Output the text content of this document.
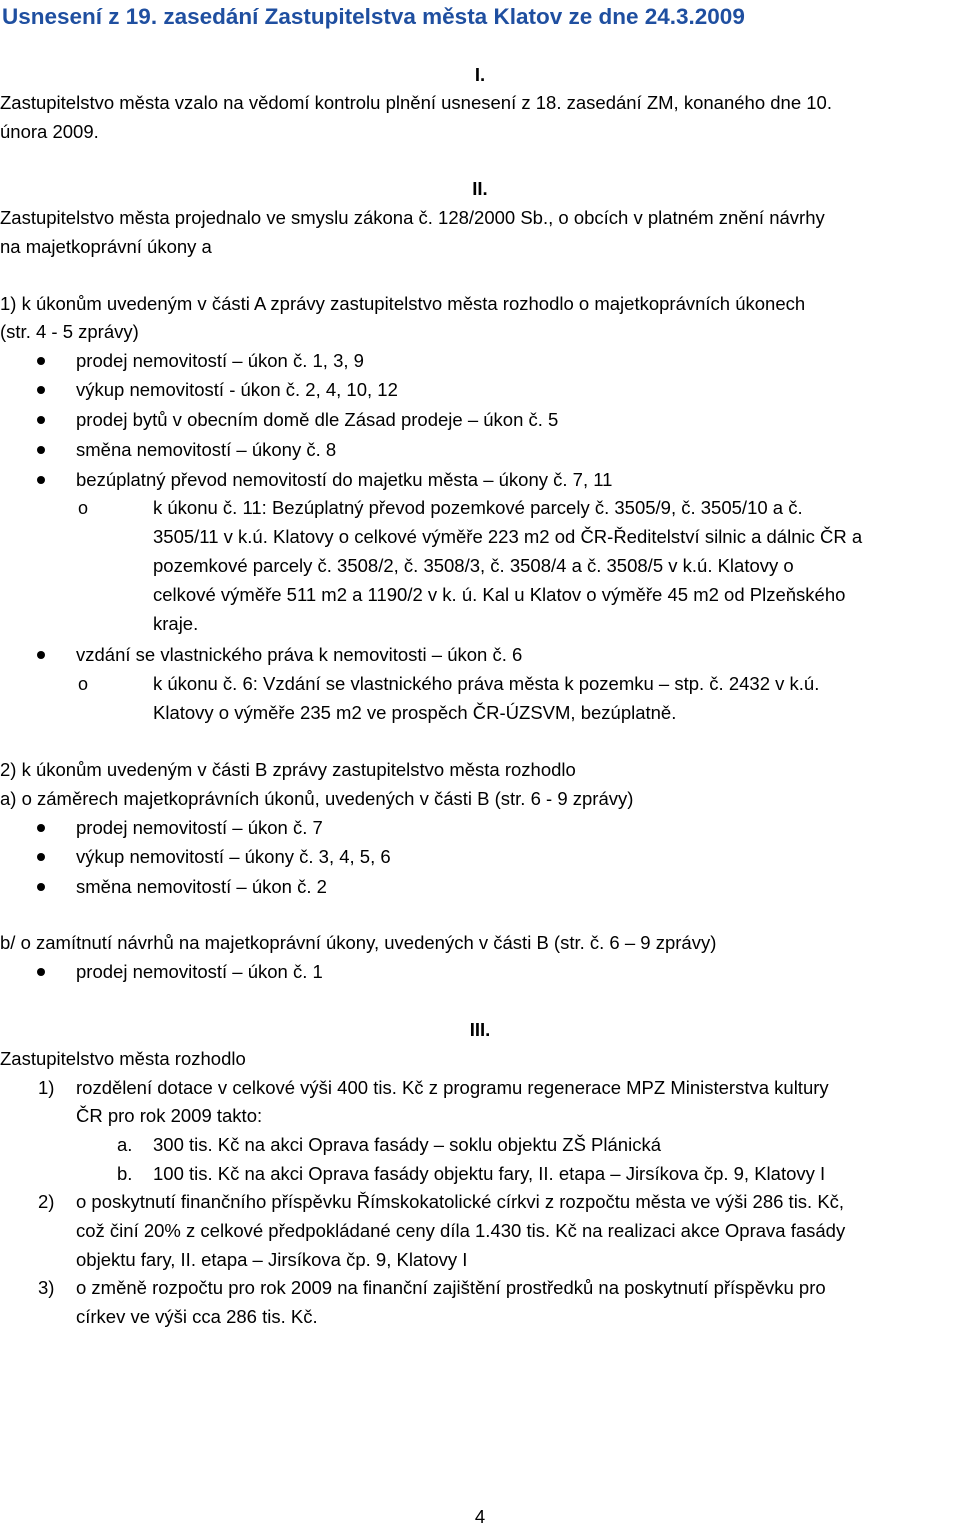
Usnesení z 19. zasedání Zastupitelstva města Klatov ze dne 24.3.2009
I.
Zastupitelstvo města vzalo na vědomí kontrolu plnění usnesení z 18. zasedání ZM, konaného dne 10.
února 2009.
II.
Zastupitelstvo města projednalo ve smyslu zákona č. 128/2000 Sb., o obcích v platném znění návrhy
na majetkoprávní úkony a
1) k úkonům uvedeným v části A zprávy zastupitelstvo města rozhodlo o majetkoprávních úkonech
(str. 4 - 5 zprávy)
prodej nemovitostí – úkon č. 1, 3, 9
výkup nemovitostí - úkon č. 2, 4, 10, 12
prodej bytů v obecním domě dle Zásad prodeje – úkon č. 5
směna nemovitostí – úkony č. 8
bezúplatný převod nemovitostí do majetku města – úkony č. 7, 11
o	k úkonu č. 11: Bezúplatný převod pozemkové parcely č. 3505/9, č. 3505/10 a č.
3505/11 v k.ú. Klatovy o celkové výměře 223 m2 od ČR-Ředitelství silnic a dálnic ČR a
pozemkové parcely č. 3508/2, č. 3508/3, č. 3508/4 a č. 3508/5 v k.ú. Klatovy o
celkové výměře 511 m2 a 1190/2 v k. ú. Kal u Klatov o výměře 45 m2 od Plzeňského
kraje.
vzdání se vlastnického práva k nemovitosti – úkon č. 6
o	k úkonu č. 6: Vzdání se vlastnického práva města k pozemku – stp. č. 2432 v k.ú.
Klatovy o výměře 235 m2 ve prospěch ČR-ÚZSVM, bezúplatně.
2) k úkonům uvedeným v části B zprávy zastupitelstvo města rozhodlo
a) o záměrech majetkoprávních úkonů, uvedených v části B (str. 6 - 9 zprávy)
prodej nemovitostí – úkon č. 7
výkup nemovitostí – úkony č. 3, 4, 5, 6
směna nemovitostí – úkon č. 2
b/ o zamítnutí návrhů na majetkoprávní úkony, uvedených v části B (str. č. 6 – 9 zprávy)
prodej nemovitostí – úkon č. 1
III.
Zastupitelstvo města rozhodlo
1) rozdělení dotace v celkové výši 400 tis. Kč z programu regenerace MPZ Ministerstva kultury
ČR pro rok 2009 takto:
a. 300 tis. Kč na akci Oprava fasády – soklu objektu ZŠ Plánická
b. 100 tis. Kč na akci Oprava fasády objektu fary, II. etapa – Jirsíkova čp. 9, Klatovy I
2) o poskytnutí finančního příspěvku Římskokatolické církvi z rozpočtu města ve výši 286 tis. Kč,
což činí 20% z celkové předpokládané ceny díla 1.430 tis. Kč na realizaci akce Oprava fasády
objektu fary, II. etapa – Jirsíkova čp. 9, Klatovy I
3) o změně rozpočtu pro rok 2009 na finanční zajištění prostředků na poskytnutí příspěvku pro
církev ve výši cca 286 tis. Kč.
4
